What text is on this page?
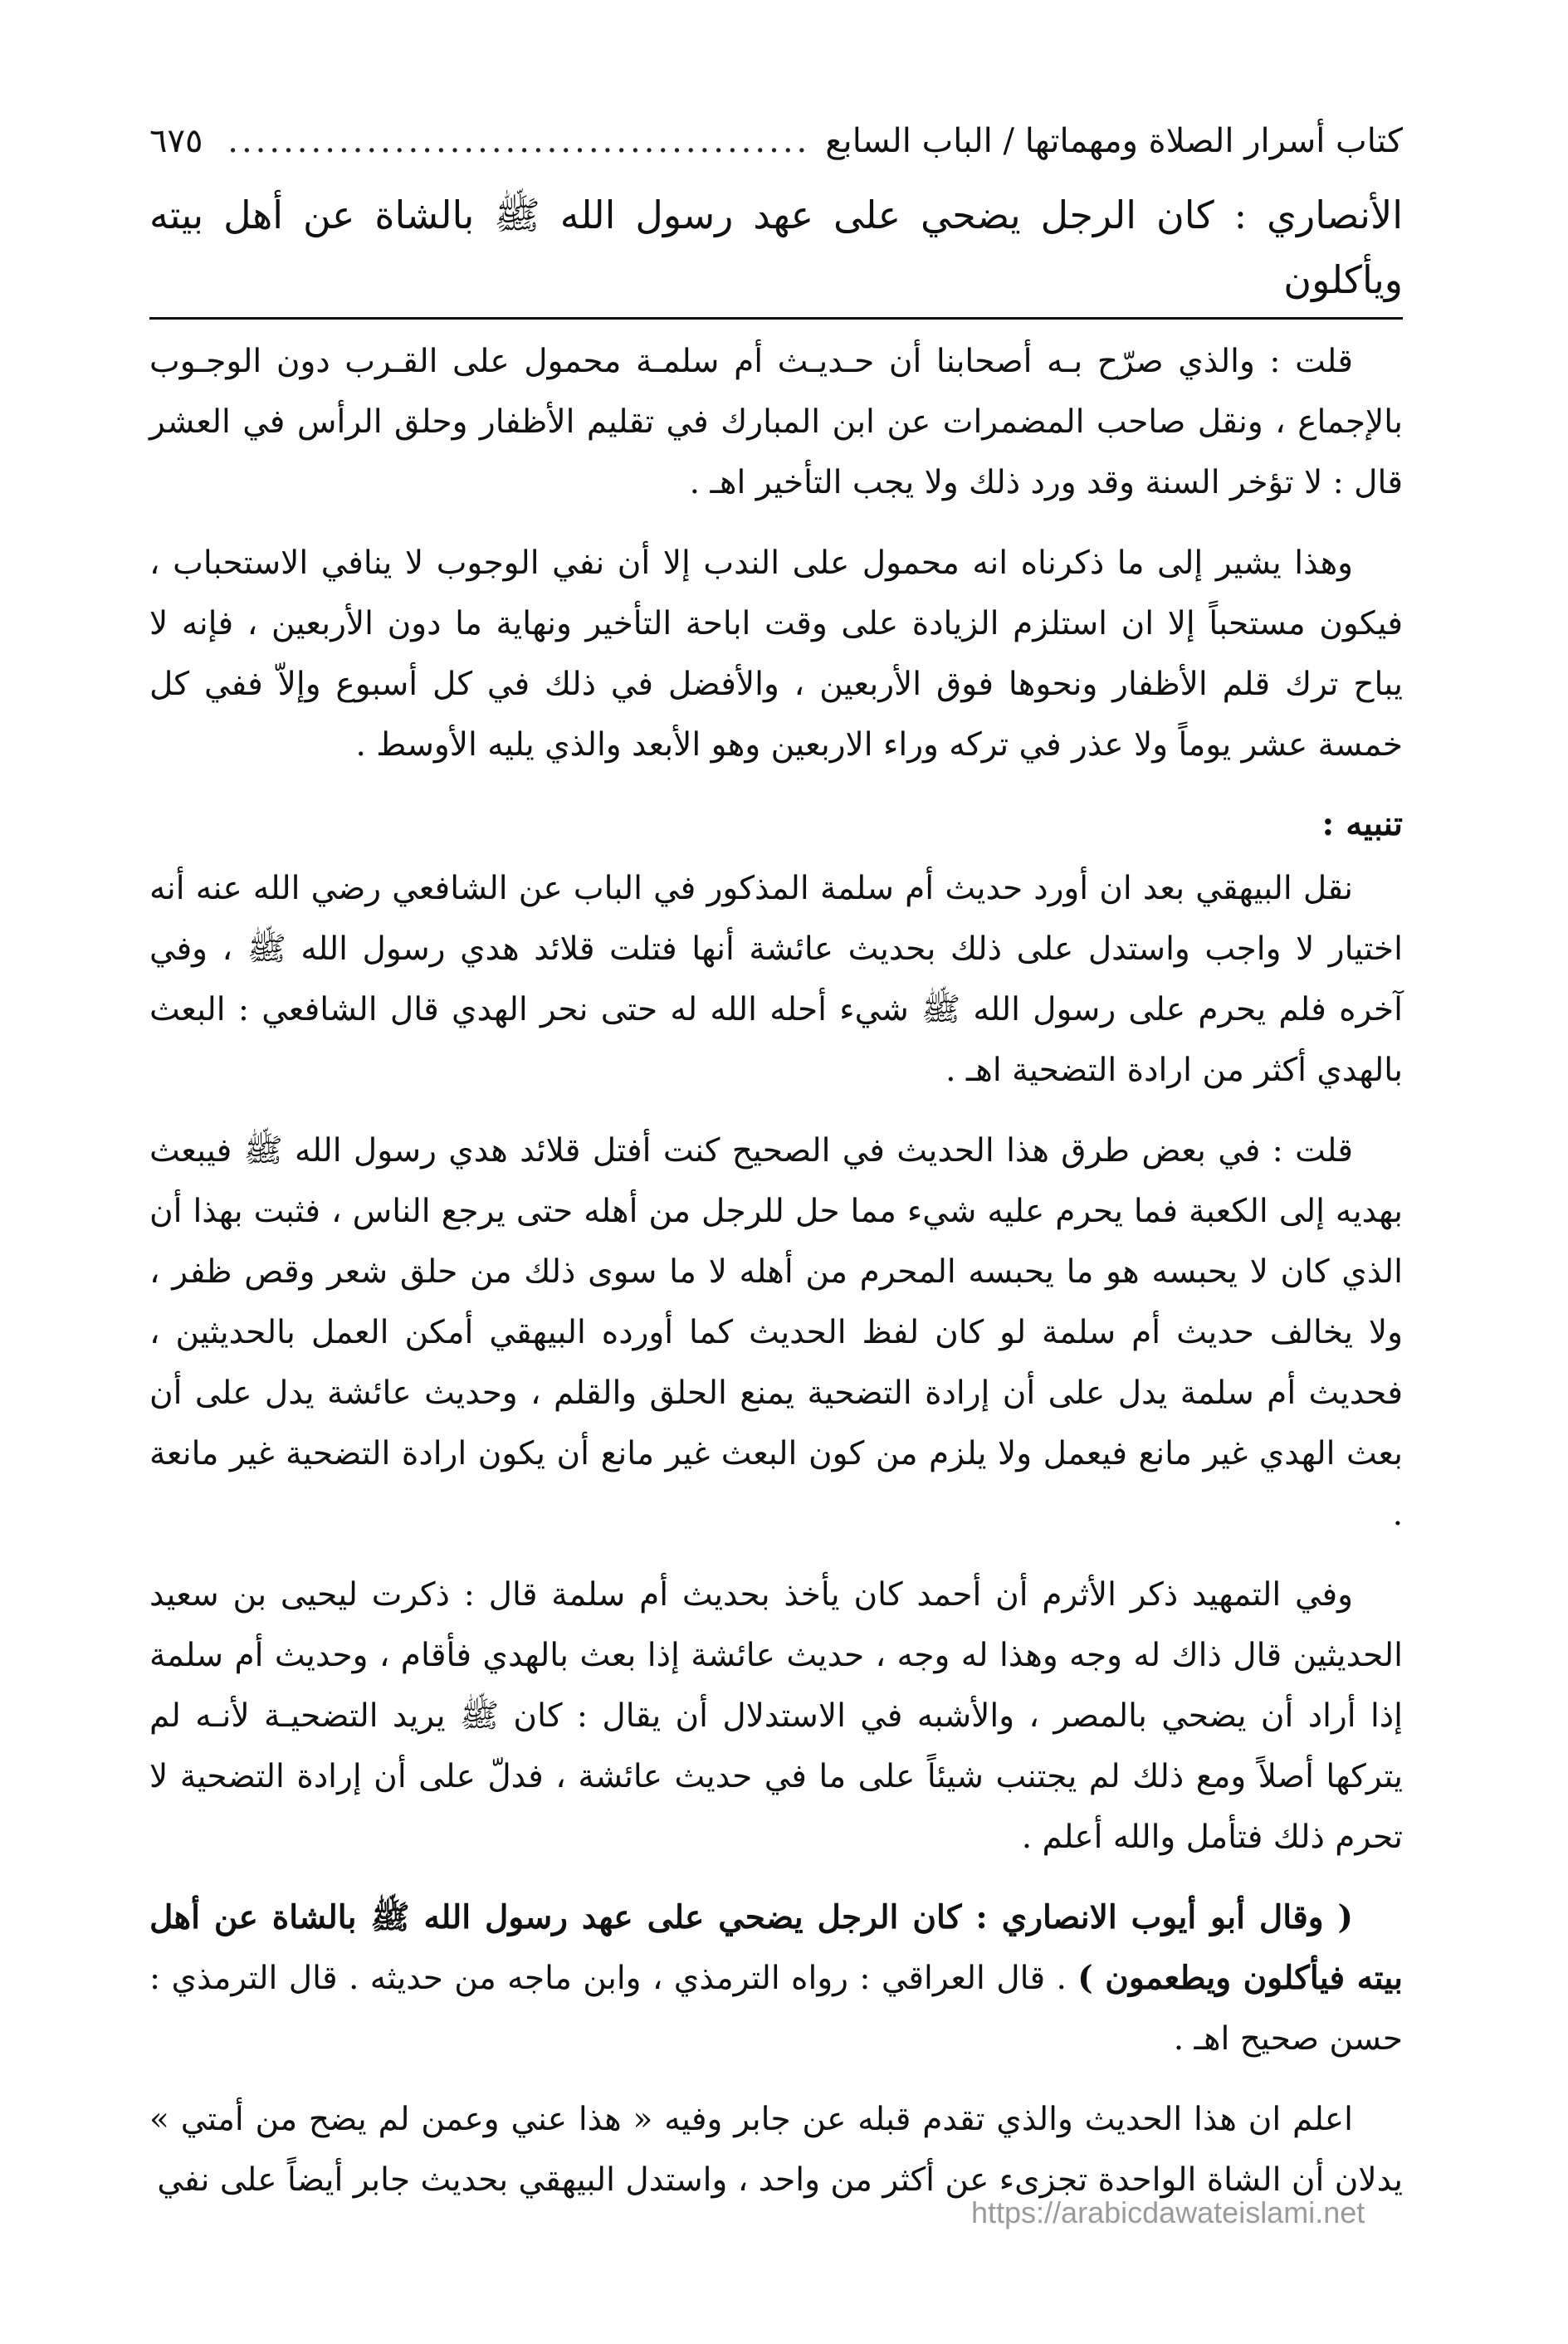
كتاب أسرار الصلاة ومهماتها / الباب السابع
..........................................
٦٧٥
الأنصاري : كان الرجل يضحي على عهد رسول الله ﷺ بالشاة عن أهل بيته ويأكلون

قلت : والذي صرّح بـه أصحابنا أن حـديـث أم سلمـة محمول على القـرب دون الوجـوب بالإجماع ، ونقل صاحب المضمرات عن ابن المبارك في تقليم الأظفار وحلق الرأس في العشر قال : لا تؤخر السنة وقد ورد ذلك ولا يجب التأخير اهـ .

وهذا يشير إلى ما ذكرناه انه محمول على الندب إلا أن نفي الوجوب لا ينافي الاستحباب ، فيكون مستحباً إلا ان استلزم الزيادة على وقت اباحة التأخير ونهاية ما دون الأربعين ، فإنه لا يباح ترك قلم الأظفار ونحوها فوق الأربعين ، والأفضل في ذلك في كل أسبوع وإلاّ ففي كل خمسة عشر يوماً ولا عذر في تركه وراء الاربعين وهو الأبعد والذي يليه الأوسط .

تنبيه :

نقل البيهقي بعد ان أورد حديث أم سلمة المذكور في الباب عن الشافعي رضي الله عنه أنه اختيار لا واجب واستدل على ذلك بحديث عائشة أنها فتلت قلائد هدي رسول الله ﷺ ، وفي آخره فلم يحرم على رسول الله ﷺ شيء أحله الله له حتى نحر الهدي قال الشافعي : البعث بالهدي أكثر من ارادة التضحية اهـ .

قلت : في بعض طرق هذا الحديث في الصحيح كنت أفتل قلائد هدي رسول الله ﷺ فيبعث بهديه إلى الكعبة فما يحرم عليه شيء مما حل للرجل من أهله حتى يرجع الناس ، فثبت بهذا أن الذي كان لا يحبسه هو ما يحبسه المحرم من أهله لا ما سوى ذلك من حلق شعر وقص ظفر ، ولا يخالف حديث أم سلمة لو كان لفظ الحديث كما أورده البيهقي أمكن العمل بالحديثين ، فحديث أم سلمة يدل على أن إرادة التضحية يمنع الحلق والقلم ، وحديث عائشة يدل على أن بعث الهدي غير مانع فيعمل ولا يلزم من كون البعث غير مانع أن يكون ارادة التضحية غير مانعة .

وفي التمهيد ذكر الأثرم أن أحمد كان يأخذ بحديث أم سلمة قال : ذكرت ليحيى بن سعيد الحديثين قال ذاك له وجه وهذا له وجه ، حديث عائشة إذا بعث بالهدي فأقام ، وحديث أم سلمة إذا أراد أن يضحي بالمصر ، والأشبه في الاستدلال أن يقال : كان ﷺ يريد التضحيـة لأنـه لم يتركها أصلاً ومع ذلك لم يجتنب شيئاً على ما في حديث عائشة ، فدلّ على أن إرادة التضحية لا تحرم ذلك فتأمل والله أعلم .

( وقال أبو أيوب الانصاري : كان الرجل يضحي على عهد رسول الله ﷺ بالشاة عن أهل بيته فيأكلون ويطعمون ) . قال العراقي : رواه الترمذي ، وابن ماجه من حديثه . قال الترمذي : حسن صحيح اهـ .

اعلم ان هذا الحديث والذي تقدم قبله عن جابر وفيه « هذا عني وعمن لم يضح من أمتي » يدلان أن الشاة الواحدة تجزىء عن أكثر من واحد ، واستدل البيهقي بحديث جابر أيضاً على نفي

https://arabicdawateislami.net
